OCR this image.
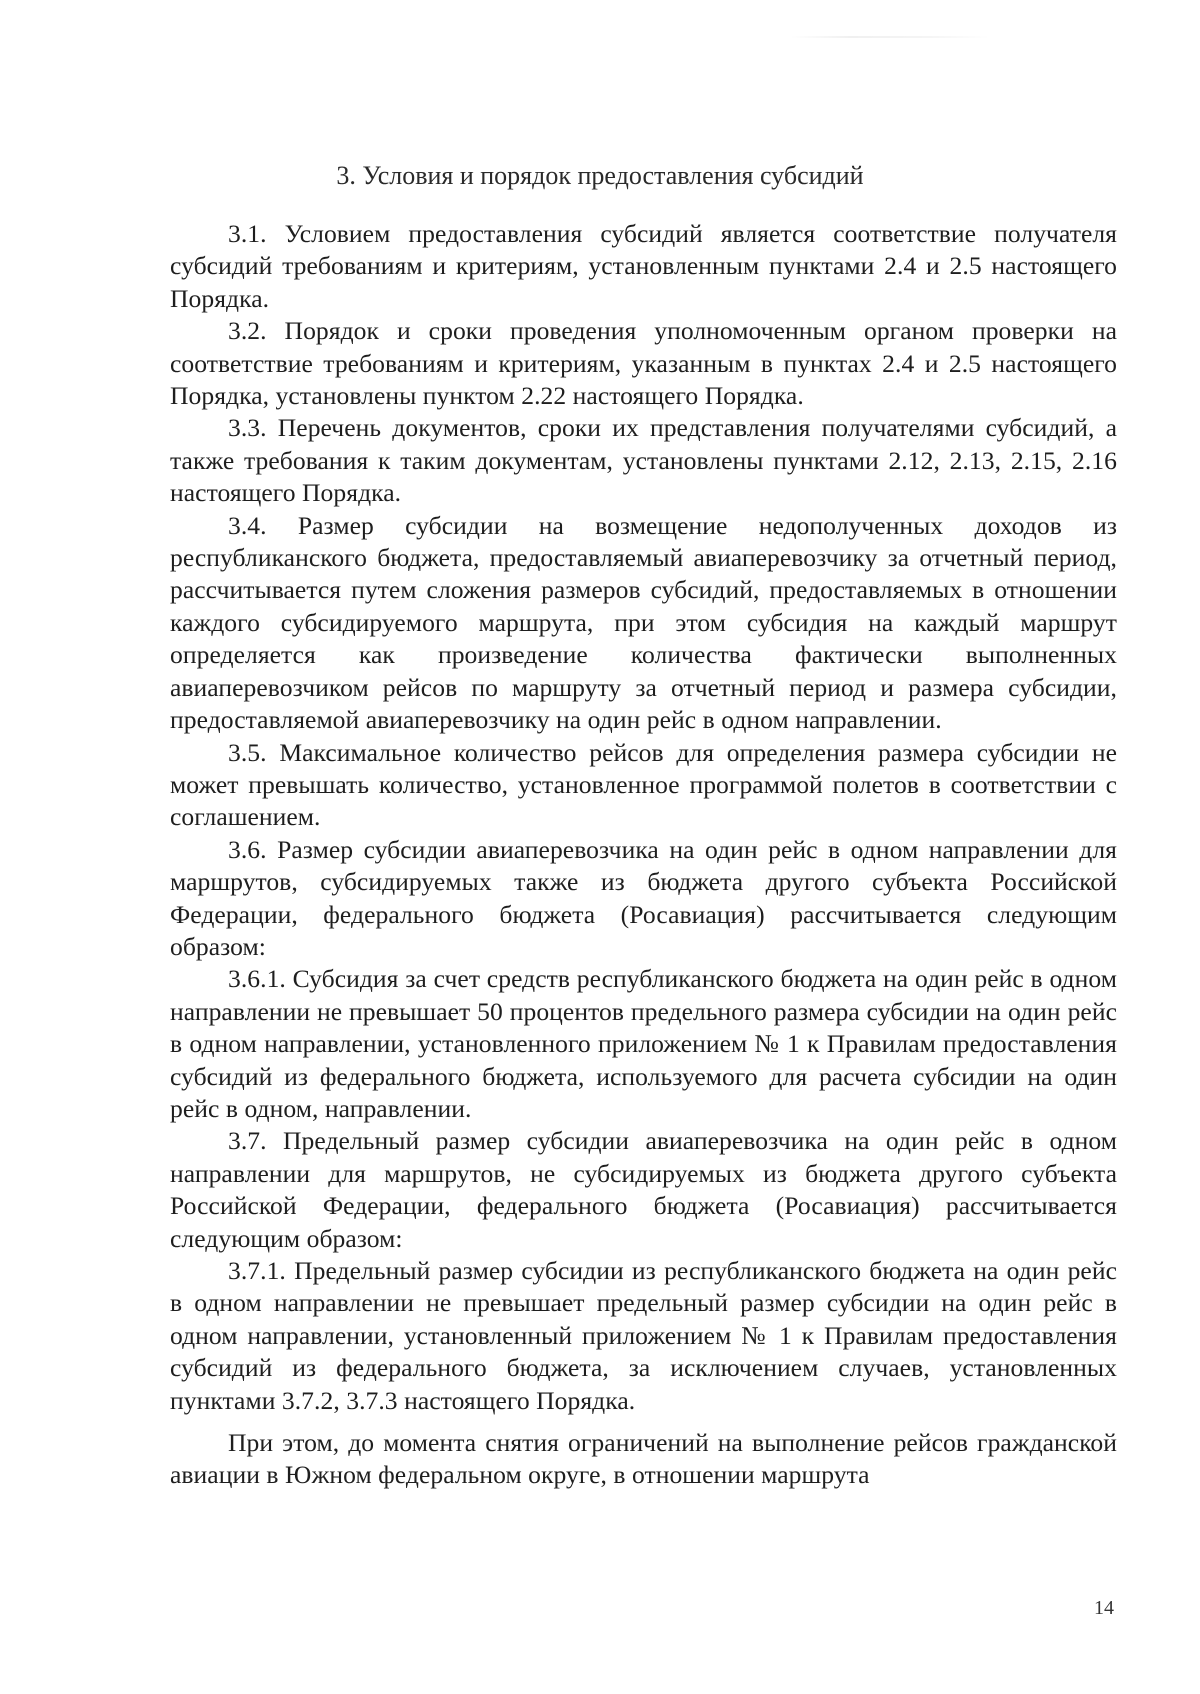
3. Условия и порядок предоставления субсидий

3.1. Условием предоставления субсидий является соответствие получателя субсидий требованиям и критериям, установленным пунктами 2.4 и 2.5 настоящего Порядка.

3.2. Порядок и сроки проведения уполномоченным органом проверки на соответствие требованиям и критериям, указанным в пунктах 2.4 и 2.5 настоящего Порядка, установлены пунктом 2.22 настоящего Порядка.

3.3. Перечень документов, сроки их представления получателями субсидий, а также требования к таким документам, установлены пунктами 2.12, 2.13, 2.15, 2.16 настоящего Порядка.

3.4. Размер субсидии на возмещение недополученных доходов из республиканского бюджета, предоставляемый авиаперевозчику за отчетный период, рассчитывается путем сложения размеров субсидий, предоставляемых в отношении каждого субсидируемого маршрута, при этом субсидия на каждый маршрут определяется как произведение количества фактически выполненных авиаперевозчиком рейсов по маршруту за отчетный период и размера субсидии, предоставляемой авиаперевозчику на один рейс в одном направлении.

3.5. Максимальное количество рейсов для определения размера субсидии не может превышать количество, установленное программой полетов в соответствии с соглашением.

3.6. Размер субсидии авиаперевозчика на один рейс в одном направлении для маршрутов, субсидируемых также из бюджета другого субъекта Российской Федерации, федерального бюджета (Росавиация) рассчитывается следующим образом:

3.6.1. Субсидия за счет средств республиканского бюджета на один рейс в одном направлении не превышает 50 процентов предельного размера субсидии на один рейс в одном направлении, установленного приложением № 1 к Правилам предоставления субсидий из федерального бюджета, используемого для расчета субсидии на один рейс в одном, направлении.

3.7. Предельный размер субсидии авиаперевозчика на один рейс в одном направлении для маршрутов, не субсидируемых из бюджета другого субъекта Российской Федерации, федерального бюджета (Росавиация) рассчитывается следующим образом:

3.7.1. Предельный размер субсидии из республиканского бюджета на один рейс в одном направлении не превышает предельный размер субсидии на один рейс в одном направлении, установленный приложением № 1 к Правилам предоставления субсидий из федерального бюджета, за исключением случаев, установленных пунктами 3.7.2, 3.7.3 настоящего Порядка.

При этом, до момента снятия ограничений на выполнение рейсов гражданской авиации в Южном федеральном округе, в отношении маршрута

14
